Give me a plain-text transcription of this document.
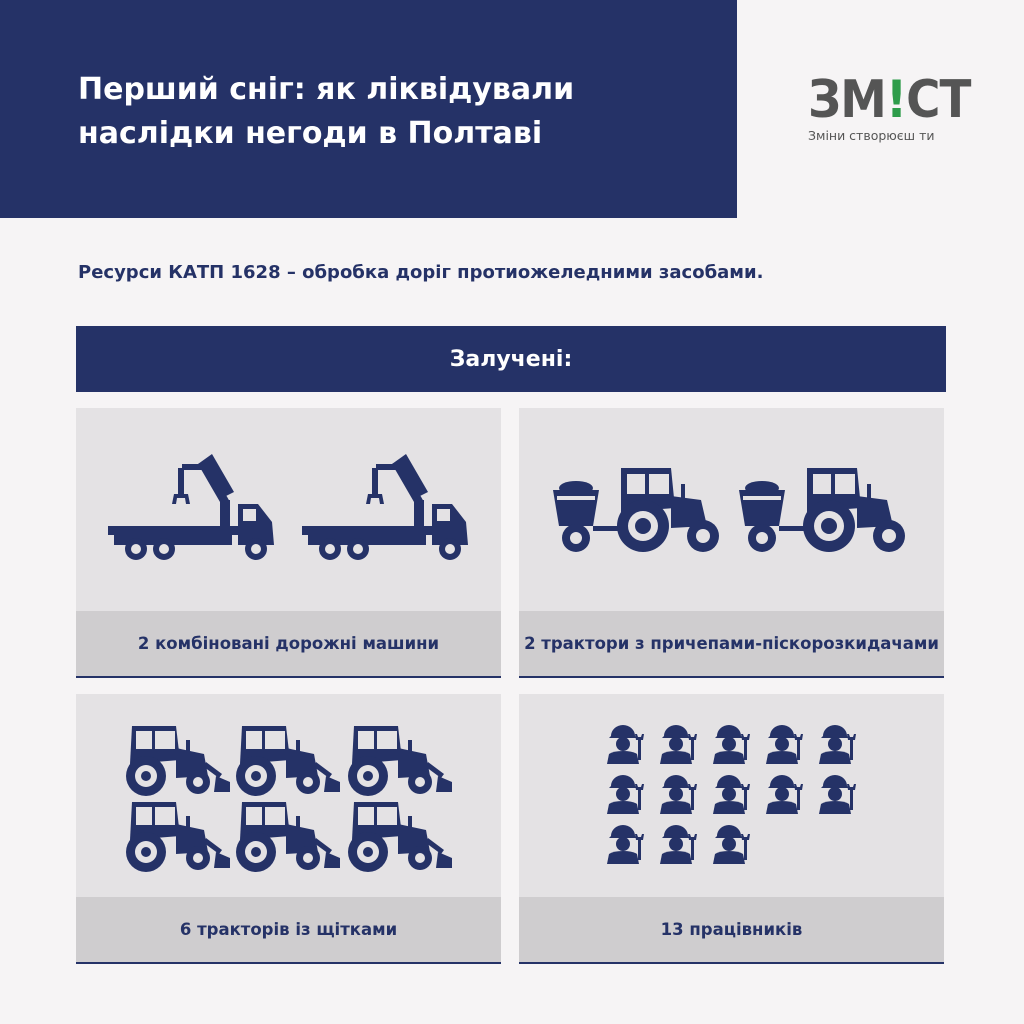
Перший сніг: як ліквідували наслідки негоди в Полтаві
ЗМ!СТ
Зміни створюєш ти
Ресурси КАТП 1628 – обробка доріг протиожеледними засобами.
Залучені:
2 комбіновані дорожні машини	2 трактори з причепами-піскорозкидачами
6 тракторів із щітками	13 працівників
